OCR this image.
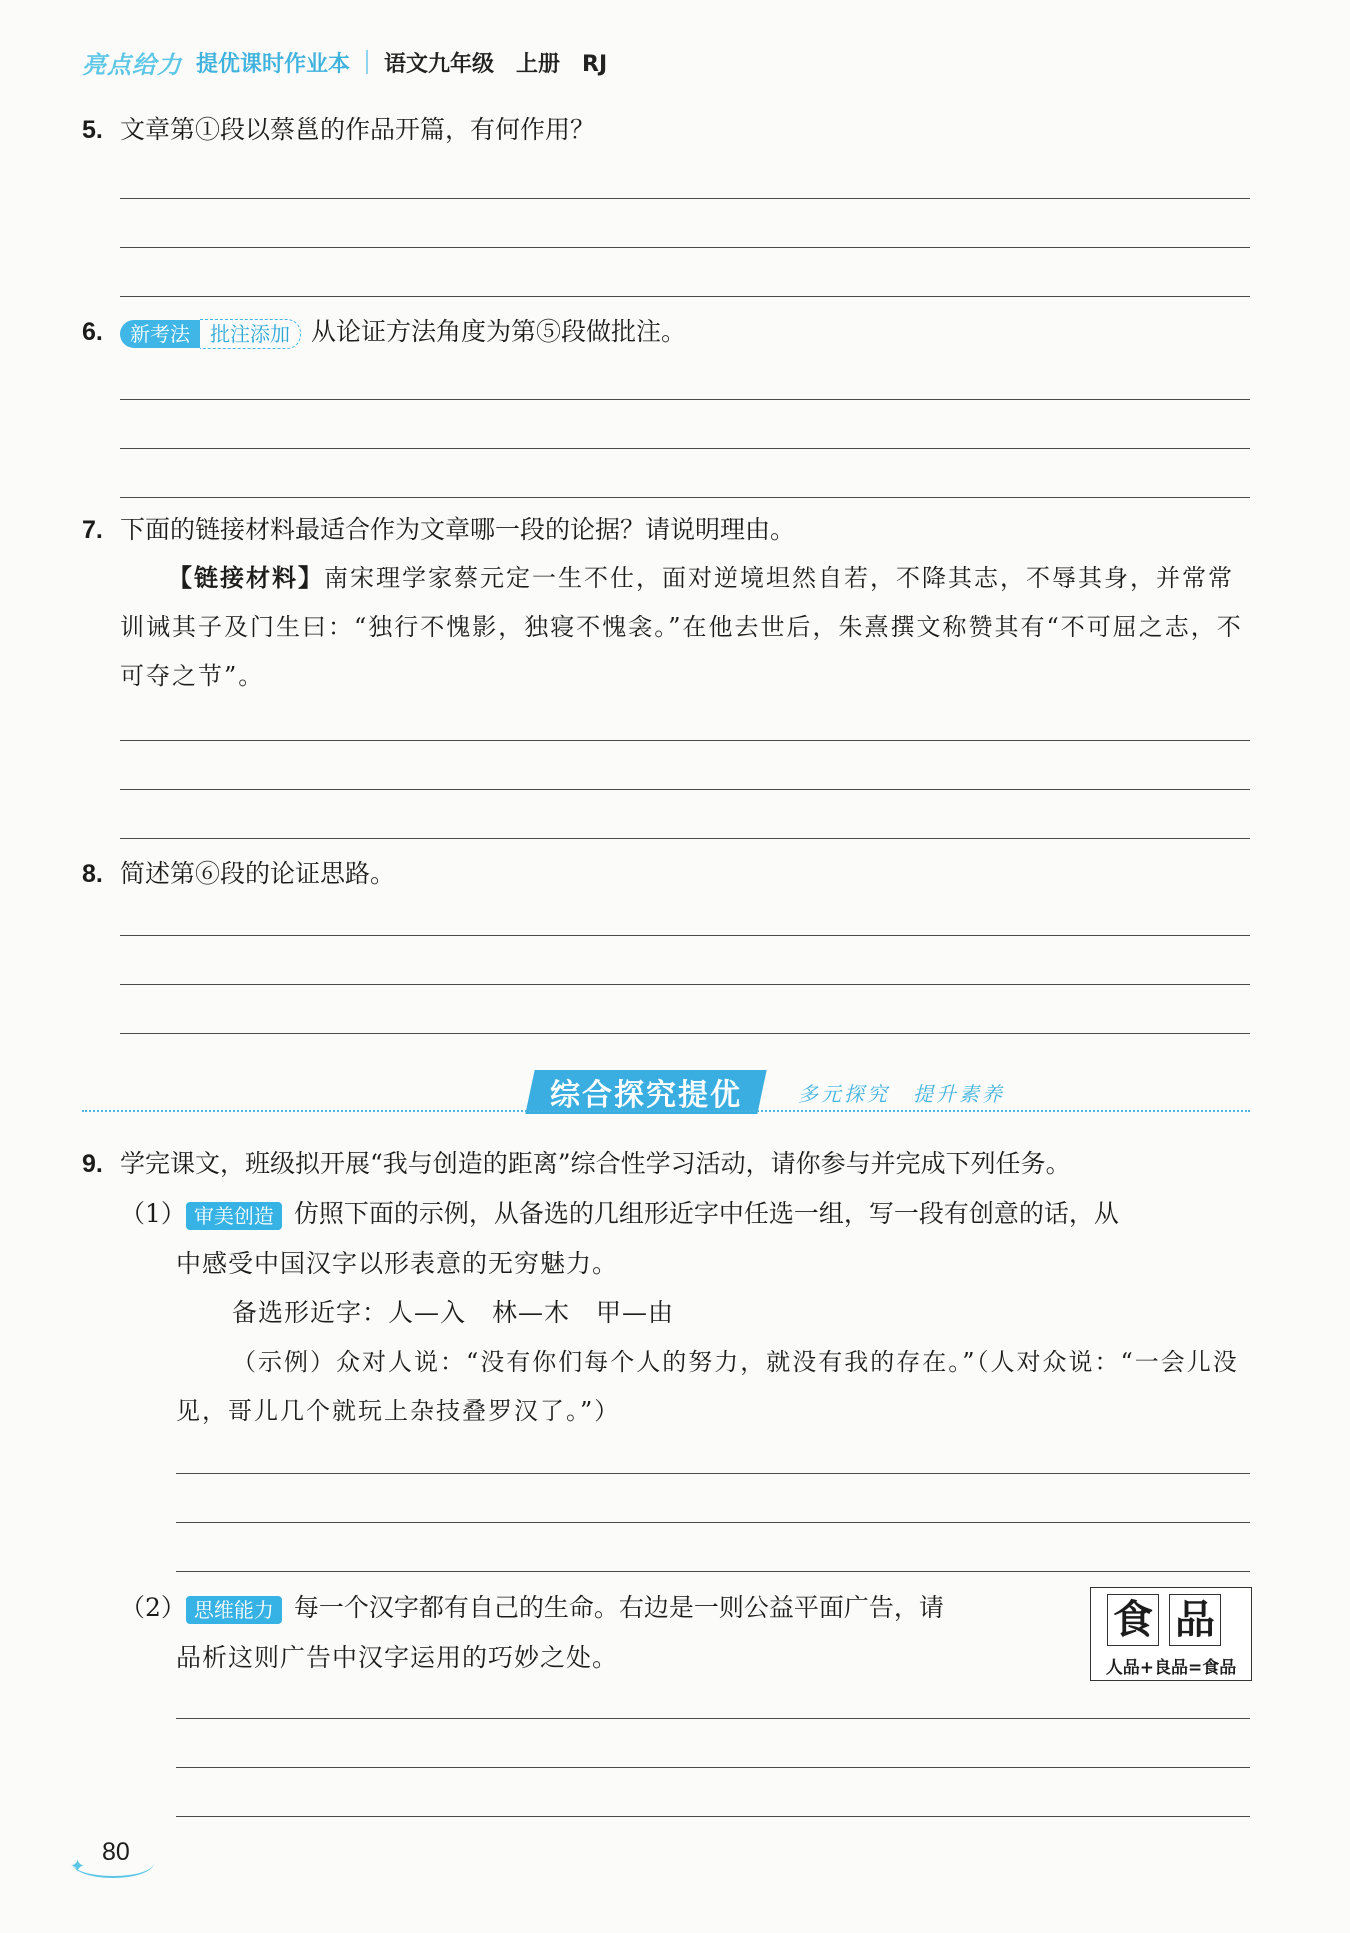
亮点给力 提优课时作业本 语文九年级　上册　RJ
5. 文章第①段以蔡邕的作品开篇，有何作用？
6. 新考法 批注添加 从论证方法角度为第⑤段做批注。
7. 下面的链接材料最适合作为文章哪一段的论据？请说明理由。
【链接材料】南宋理学家蔡元定一生不仕，面对逆境坦然自若，不降其志，不辱其身，并常常训诫其子及门生曰：“独行不愧影，独寝不愧衾。”在他去世后，朱熹撰文称赞其有“不可屈之志，不可夺之节”。
8. 简述第⑥段的论证思路。
综合探究提优	多元探究　提升素养
9. 学完课文，班级拟开展“我与创造的距离”综合性学习活动，请你参与并完成下列任务。
（1） 审美创造 仿照下面的示例，从备选的几组形近字中任选一组，写一段有创意的话，从
中感受中国汉字以形表意的无穷魅力。
备选形近字：人—入　林—木　甲—由
（示例）众对人说：“没有你们每个人的努力，就没有我的存在。”（人对众说：“一会儿没见，哥儿几个就玩上杂技叠罗汉了。”）
（2） 思维能力 每一个汉字都有自己的生命。右边是一则公益平面广告，请
品析这则广告中汉字运用的巧妙之处。
食 品
人品+良品=食品
✦
80
